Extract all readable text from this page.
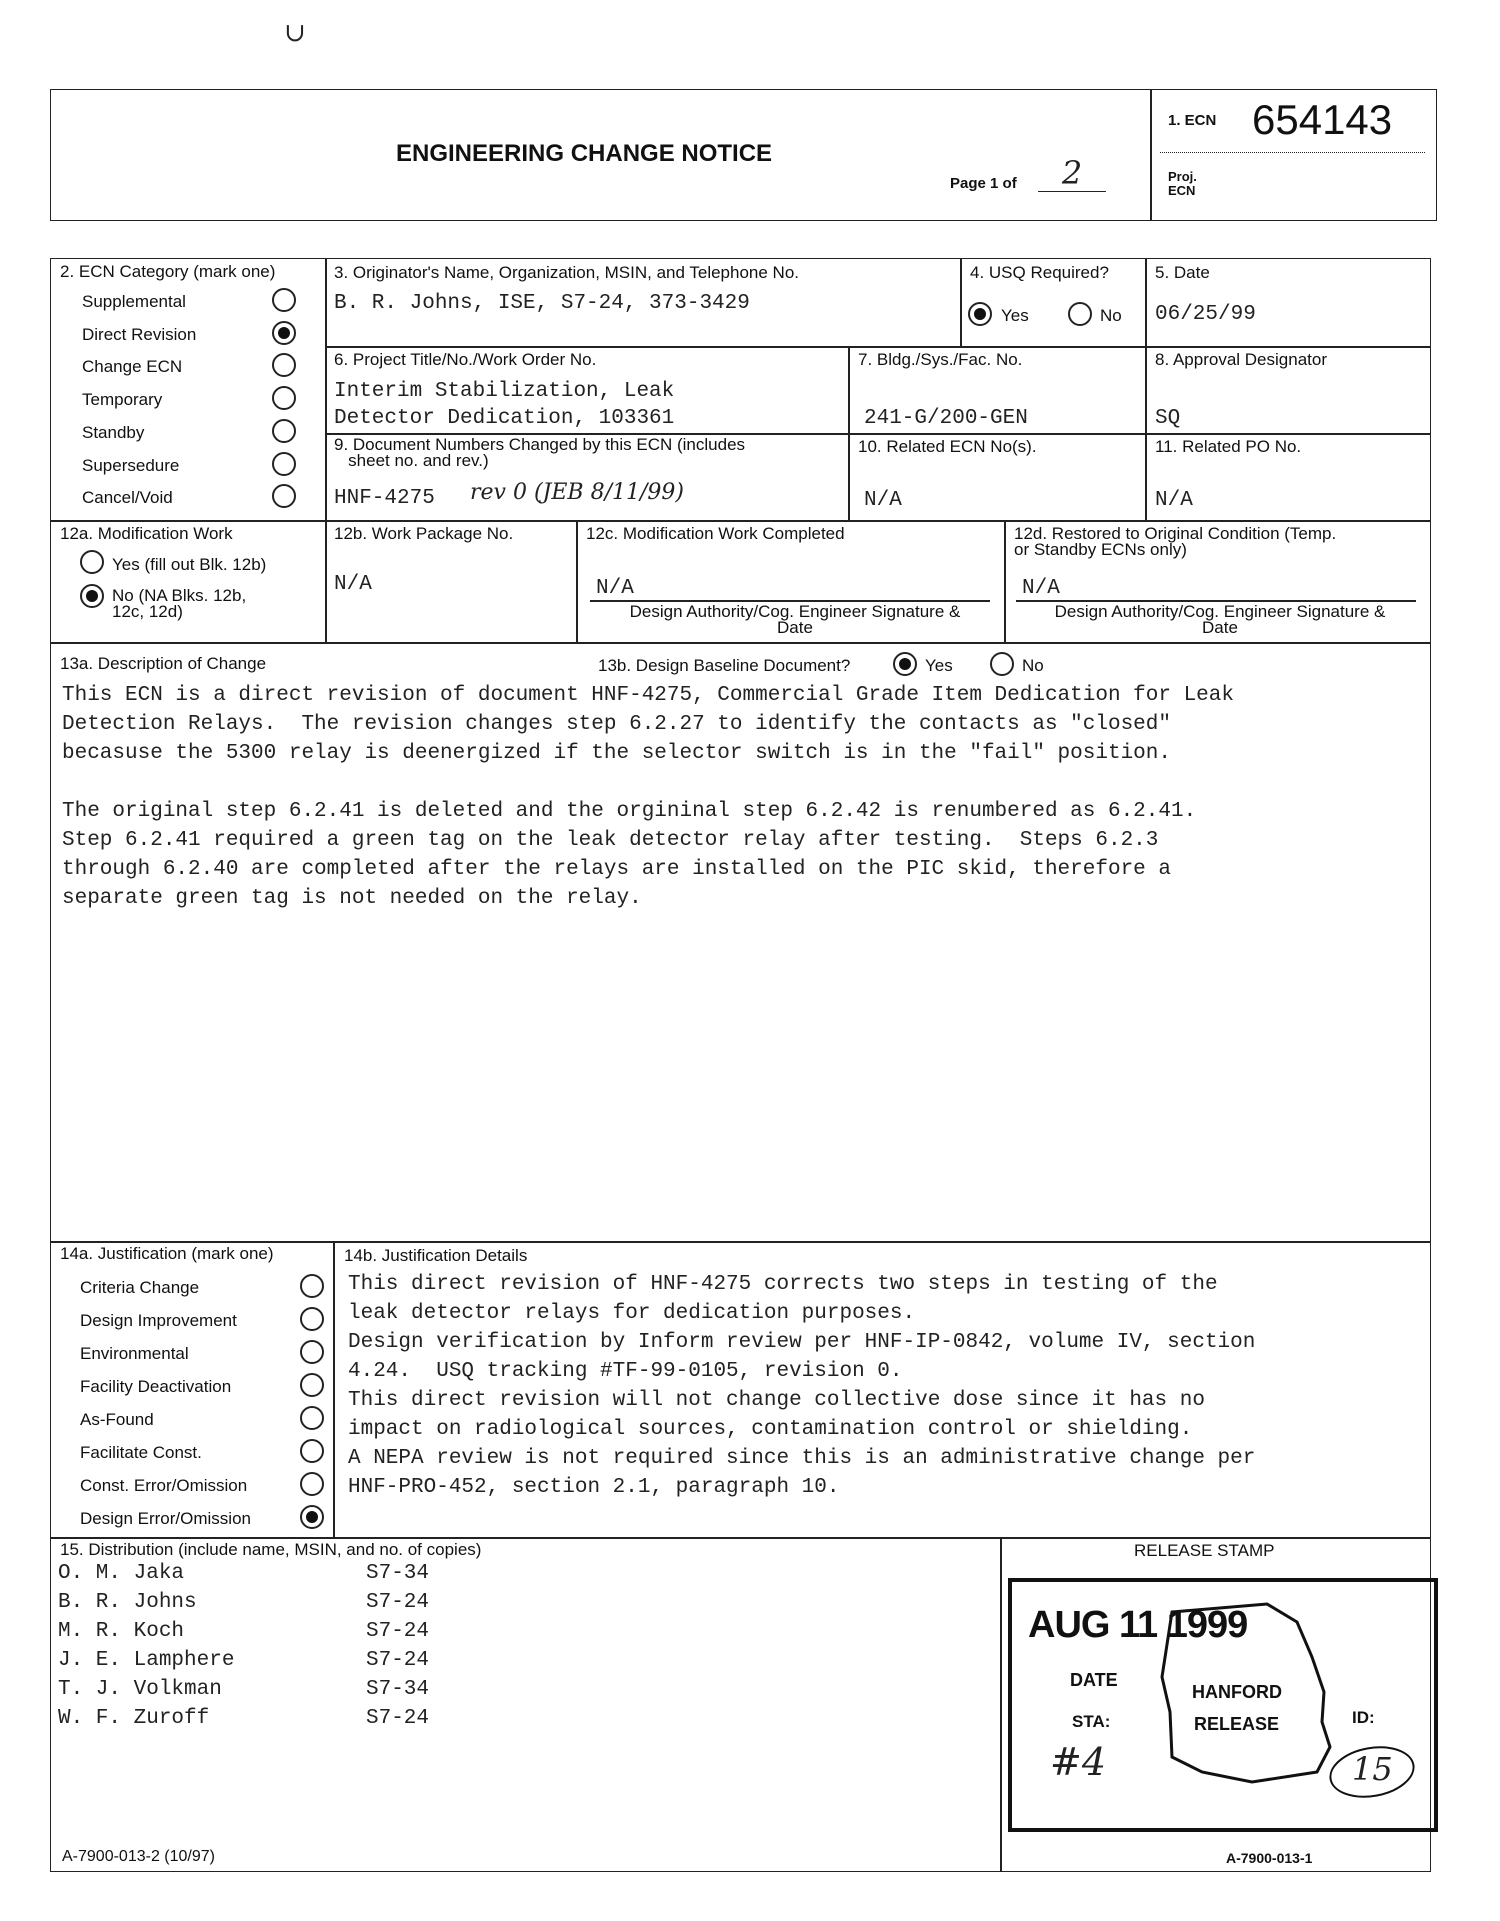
∪
ENGINEERING CHANGE NOTICE
Page 1 of	2
1. ECN 654143
Proj.
ECN
2. ECN Category (mark one)
Supplemental
Direct Revision
Change ECN
Temporary
Standby
Supersedure
Cancel/Void
3. Originator's Name, Organization, MSIN, and Telephone No.
B. R. Johns, ISE, S7-24, 373-3429
4. USQ Required?
Yes	No
5. Date
06/25/99
6. Project Title/No./Work Order No.
Interim Stabilization, Leak
Detector Dedication, 103361
7. Bldg./Sys./Fac. No.
241-G/200-GEN
8. Approval Designator
SQ
9. Document Numbers Changed by this ECN (includes
sheet no. and rev.)
HNF-4275 rev 0 (JEB 8/11/99)
10. Related ECN No(s).
N/A
11. Related PO No.
N/A
12a. Modification Work
Yes (fill out Blk. 12b)
No (NA Blks. 12b,
12c, 12d)
12b. Work Package No.
N/A
12c. Modification Work Completed
N/A
Design Authority/Cog. Engineer Signature &
Date
12d. Restored to Original Condition (Temp.
or Standby ECNs only)
N/A
Design Authority/Cog. Engineer Signature &
Date
13a. Description of Change	13b. Design Baseline Document?	Yes	No
This ECN is a direct revision of document HNF-4275, Commercial Grade Item Dedication for Leak
Detection Relays.  The revision changes step 6.2.27 to identify the contacts as "closed"
becasuse the 5300 relay is deenergized if the selector switch is in the "fail" position.

The original step 6.2.41 is deleted and the orgininal step 6.2.42 is renumbered as 6.2.41.
Step 6.2.41 required a green tag on the leak detector relay after testing.  Steps 6.2.3
through 6.2.40 are completed after the relays are installed on the PIC skid, therefore a
separate green tag is not needed on the relay.
14a. Justification (mark one)
Criteria Change
Design Improvement
Environmental
Facility Deactivation
As-Found
Facilitate Const.
Const. Error/Omission
Design Error/Omission
14b. Justification Details
This direct revision of HNF-4275 corrects two steps in testing of the
leak detector relays for dedication purposes.
Design verification by Inform review per HNF-IP-0842, volume IV, section
4.24.  USQ tracking #TF-99-0105, revision 0.
This direct revision will not change collective dose since it has no
impact on radiological sources, contamination control or shielding.
A NEPA review is not required since this is an administrative change per
HNF-PRO-452, section 2.1, paragraph 10.
15. Distribution (include name, MSIN, and no. of copies)
O. M. Jaka	S7-34
B. R. Johns	S7-24
M. R. Koch	S7-24
J. E. Lamphere	S7-24
T. J. Volkman	S7-34
W. F. Zuroff	S7-24
RELEASE STAMP
AUG 11 1999
DATE
STA:
#4
HANFORD
RELEASE	ID:
15
A-7900-013-2 (10/97)	A-7900-013-1
